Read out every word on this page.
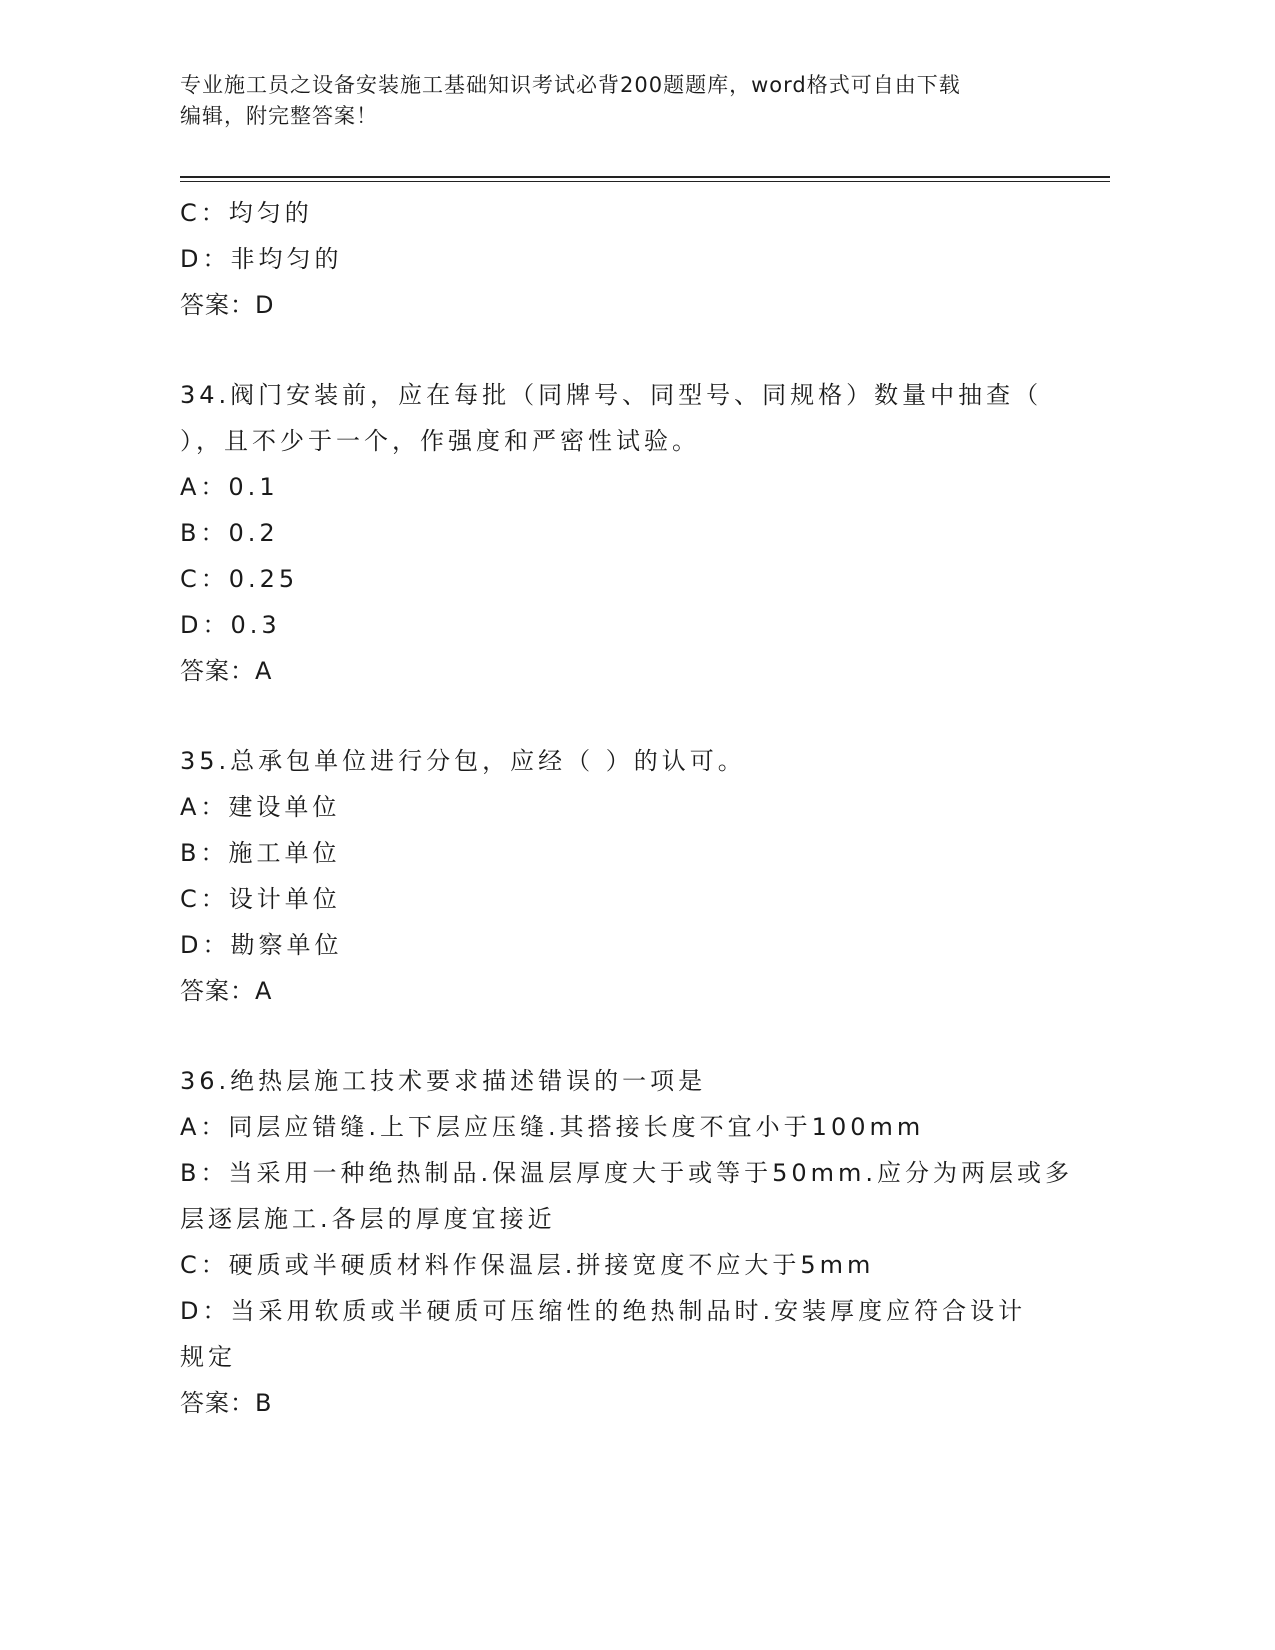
专业施工员之设备安装施工基础知识考试必背200题题库，word格式可自由下载
编辑，附完整答案！
C：均匀的
D：非均匀的
答案：D
34.阀门安装前，应在每批（同牌号、同型号、同规格）数量中抽查（
），且不少于一个，作强度和严密性试验。
A：0.1
B：0.2
C：0.25
D：0.3
答案：A
35.总承包单位进行分包，应经（ ）的认可。
A：建设单位
B：施工单位
C：设计单位
D：勘察单位
答案：A
36.绝热层施工技术要求描述错误的一项是
A：同层应错缝.上下层应压缝.其搭接长度不宜小于100mm
B：当采用一种绝热制品.保温层厚度大于或等于50mm.应分为两层或多
层逐层施工.各层的厚度宜接近
C：硬质或半硬质材料作保温层.拼接宽度不应大于5mm
D：当采用软质或半硬质可压缩性的绝热制品时.安装厚度应符合设计
规定
答案：B
